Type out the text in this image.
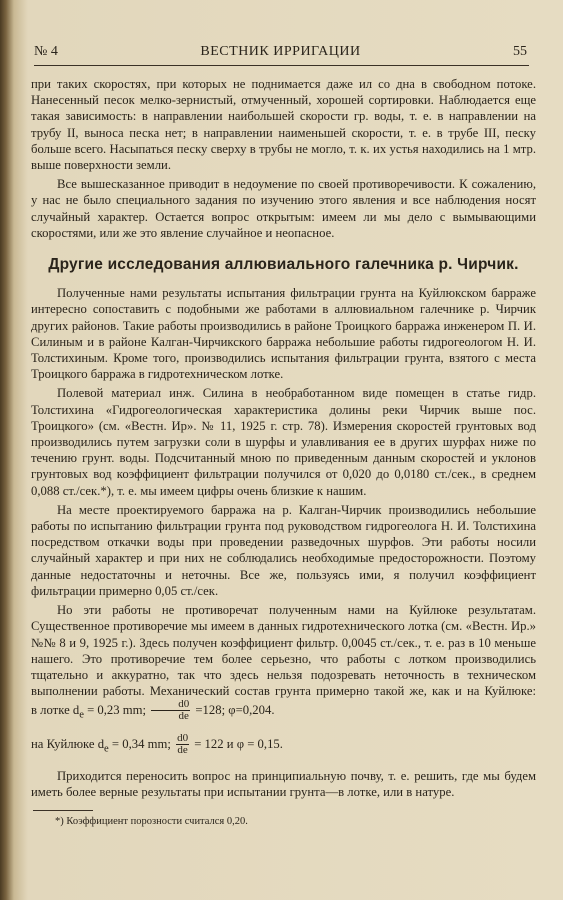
№ 4	ВЕСТНИК ИРРИГАЦИИ	55

при таких скоростях, при которых не поднимается даже ил со дна в свободном потоке. Нанесенный песок мелко-зернистый, отмученный, хорошей сортировки. Наблюдается еще такая зависимость: в направлении наибольшей скорости гр. воды, т. е. в направлении на трубу II, выноса песка нет; в направлении наименьшей скорости, т. е. в трубе III, песку больше всего. Насыпаться песку сверху в трубы не могло, т. к. их устья находились на 1 мтр. выше поверхности земли.

Все вышесказанное приводит в недоумение по своей противоречивости. К сожалению, у нас не было специального задания по изучению этого явления и все наблюдения носят случайный характер. Остается вопрос открытым: имеем ли мы дело с вымывающими скоростями, или же это явление случайное и неопасное.

Другие исследования аллювиального галечника р. Чирчик.

Полученные нами результаты испытания фильтрации грунта на Куйлюкском барраже интересно сопоставить с подобными же работами в аллювиальном галечнике р. Чирчик других районов. Такие работы производились в районе Троицкого барража инженером П. И. Силиным и в районе Калган-Чирчикского барража небольшие работы гидрогеологом Н. И. Толстихиным. Кроме того, производились испытания фильтрации грунта, взятого с места Троицкого барража в гидротехническом лотке.

Полевой материал инж. Силина в необработанном виде помещен в статье гидр. Толстихина «Гидрогеологическая характеристика долины реки Чирчик выше пос. Троицкого» (см. «Вестн. Ир». № 11, 1925 г. стр. 78). Измерения скоростей грунтовых вод производились путем загрузки соли в шурфы и улавливания ее в других шурфах ниже по течению грунт. воды. Подсчитанный мною по приведенным данным скоростей и уклонов грунтовых вод коэффициент фильтрации получился от 0,020 до 0,0180 ст./сек., в среднем 0,088 ст./сек.*), т. е. мы имеем цифры очень близкие к нашим.

На месте проектируемого барража на р. Калган-Чирчик производились небольшие работы по испытанию фильтрации грунта под руководством гидрогеолога Н. И. Толстихина посредством откачки воды при проведении разведочных шурфов. Эти работы носили случайный характер и при них не соблюдались необходимые предосторожности. Поэтому данные недостаточны и неточны. Все же, пользуясь ими, я получил коэффициент фильтрации примерно 0,05 ст./сек.

Но эти работы не противоречат полученным нами на Куйлюке результатам. Существенное противоречие мы имеем в данных гидротехнического лотка (см. «Вестн. Ир.» №№ 8 и 9, 1925 г.). Здесь получен коэффициент фильтр. 0,0045 ст./сек., т. е. раз в 10 меньше нашего. Это противоречие тем более серьезно, что работы с лотком производились тщательно и аккуратно, так что здесь нельзя подозревать неточность в техническом выполнении работы. Механический состав грунта примерно такой же, как и на Куйлюке: в лотке $d_e = 0,23$ mm; $\frac{d0}{de} =128$; φ=0,204.

на Куйлюке $d_e = 0,34$ mm; $\frac{d0}{de} = 122$ и φ = 0,15.

Приходится переносить вопрос на принципиальную почву, т. е. решить, где мы будем иметь более верные результаты при испытании грунта—в лотке, или в натуре.

*) Коэффициент порозности считался 0,20.
